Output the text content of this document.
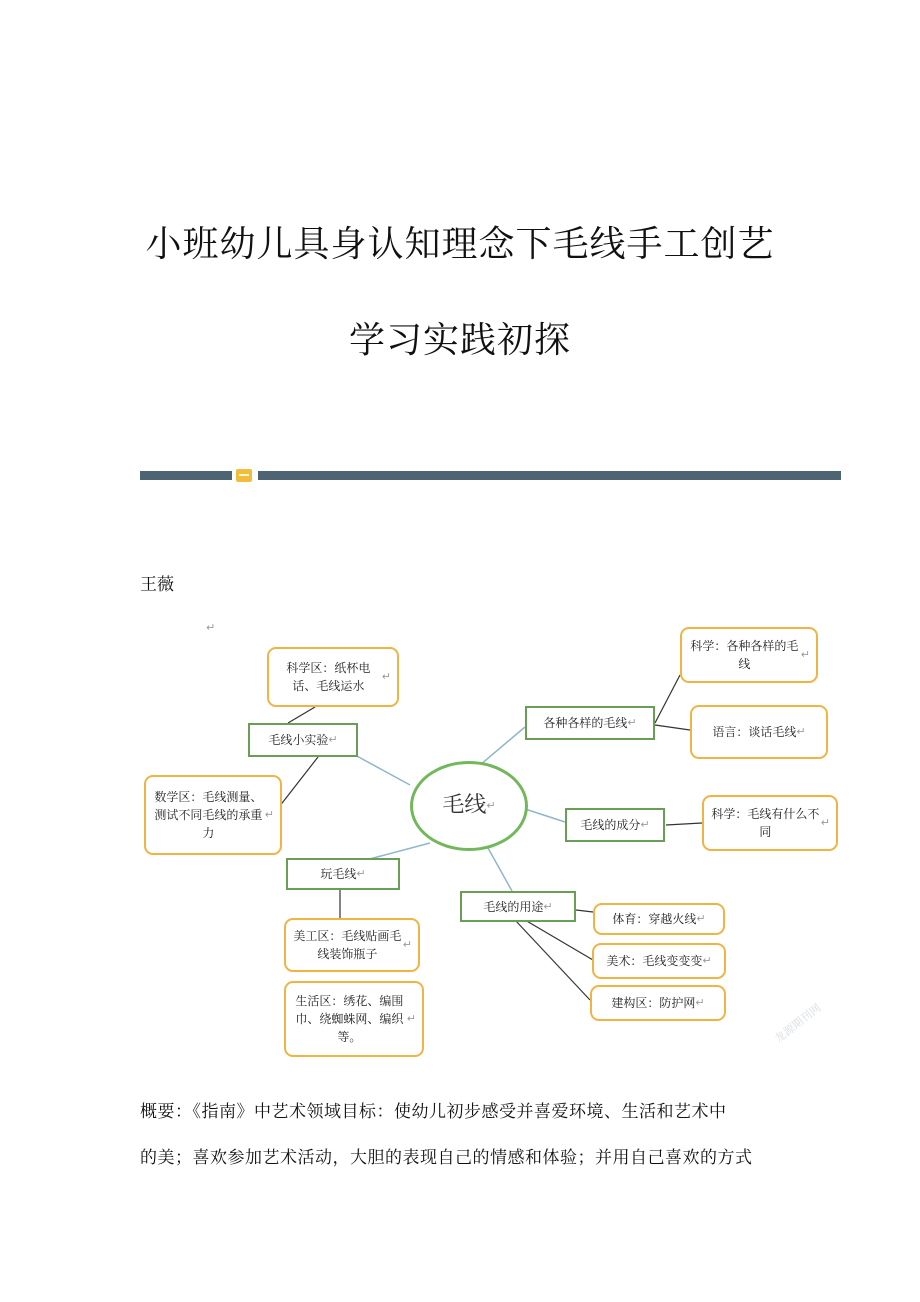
小班幼儿具身认知理念下毛线手工创艺
学习实践初探
王薇
↵
毛线 ↵
毛线小实验 ↵
玩毛线 ↵
各种各样的毛线 ↵
毛线的成分 ↵
毛线的用途 ↵
科学区：纸杯电话、毛线运水
↵
数学区：毛线测量、测试不同毛线的承重力
↵
美工区：毛线贴画毛线装饰瓶子
↵
生活区：绣花、编围巾、绕蜘蛛网、编织等。
↵
科学：各种各样的毛线
↵
语言：谈话毛线 ↵
科学：毛线有什么不同
↵
体育：穿越火线 ↵
美术：毛线变变变 ↵
建构区：防护网 ↵	龙源期刊网
概要：《指南》中艺术领域目标：使幼儿初步感受并喜爱环境、生活和艺术中
的美；喜欢参加艺术活动，大胆的表现自己的情感和体验；并用自己喜欢的方式
